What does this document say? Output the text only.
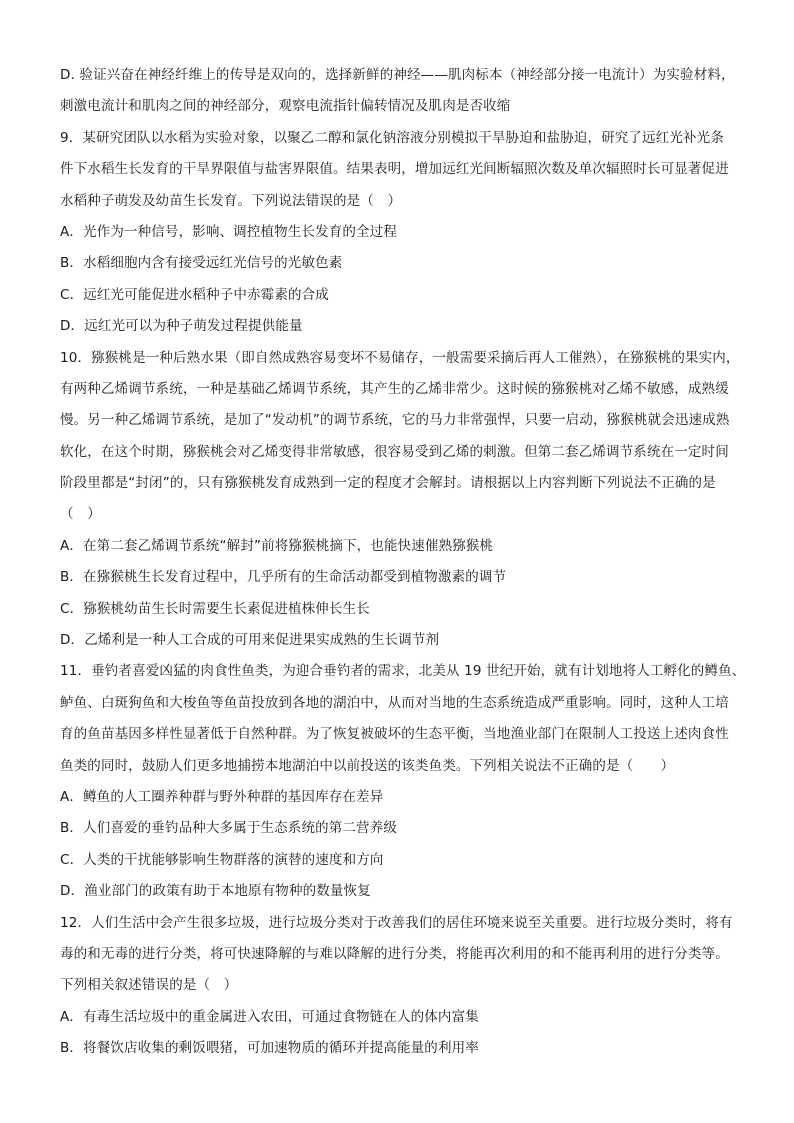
D. 验证兴奋在神经纤维上的传导是双向的，选择新鲜的神经——肌肉标本（神经部分接一电流计）为实验材料，
刺激电流计和肌肉之间的神经部分，观察电流指针偏转情况及肌肉是否收缩
9．某研究团队以水稻为实验对象，以聚乙二醇和氯化钠溶液分别模拟干旱胁迫和盐胁迫，研究了远红光补光条
件下水稻生长发育的干旱界限值与盐害界限值。结果表明，增加远红光间断辐照次数及单次辐照时长可显著促进
水稻种子萌发及幼苗生长发育。下列说法错误的是（　）
A．光作为一种信号，影响、调控植物生长发育的全过程
B．水稻细胞内含有接受远红光信号的光敏色素
C．远红光可能促进水稻种子中赤霉素的合成
D．远红光可以为种子萌发过程提供能量
10．猕猴桃是一种后熟水果（即自然成熟容易变坏不易储存，一般需要采摘后再人工催熟），在猕猴桃的果实内，
有两种乙烯调节系统，一种是基础乙烯调节系统，其产生的乙烯非常少。这时候的猕猴桃对乙烯不敏感，成熟缓
慢。另一种乙烯调节系统，是加了“发动机”的调节系统，它的马力非常强悍，只要一启动，猕猴桃就会迅速成熟
软化，在这个时期，猕猴桃会对乙烯变得非常敏感，很容易受到乙烯的刺激。但第二套乙烯调节系统在一定时间
阶段里都是“封闭”的，只有猕猴桃发育成熟到一定的程度才会解封。请根据以上内容判断下列说法不正确的是
（　）
A．在第二套乙烯调节系统“解封”前将猕猴桃摘下，也能快速催熟猕猴桃
B．在猕猴桃生长发育过程中，几乎所有的生命活动都受到植物激素的调节
C．猕猴桃幼苗生长时需要生长素促进植株伸长生长
D．乙烯利是一种人工合成的可用来促进果实成熟的生长调节剂
11．垂钓者喜爱凶猛的肉食性鱼类，为迎合垂钓者的需求，北美从 19 世纪开始，就有计划地将人工孵化的鳟鱼、
鲈鱼、白斑狗鱼和大梭鱼等鱼苗投放到各地的湖泊中，从而对当地的生态系统造成严重影响。同时，这种人工培
育的鱼苗基因多样性显著低于自然种群。为了恢复被破坏的生态平衡，当地渔业部门在限制人工投送上述肉食性
鱼类的同时，鼓励人们更多地捕捞本地湖泊中以前投送的该类鱼类。下列相关说法不正确的是（　　）
A．鳟鱼的人工圈养种群与野外种群的基因库存在差异
B．人们喜爱的垂钓品种大多属于生态系统的第二营养级
C．人类的干扰能够影响生物群落的演替的速度和方向
D．渔业部门的政策有助于本地原有物种的数量恢复
12．人们生活中会产生很多垃圾，进行垃圾分类对于改善我们的居住环境来说至关重要。进行垃圾分类时，将有
毒的和无毒的进行分类，将可快速降解的与难以降解的进行分类，将能再次利用的和不能再利用的进行分类等。
下列相关叙述错误的是（　）
A．有毒生活垃圾中的重金属进入农田，可通过食物链在人的体内富集
B．将餐饮店收集的剩饭喂猪，可加速物质的循环并提高能量的利用率
